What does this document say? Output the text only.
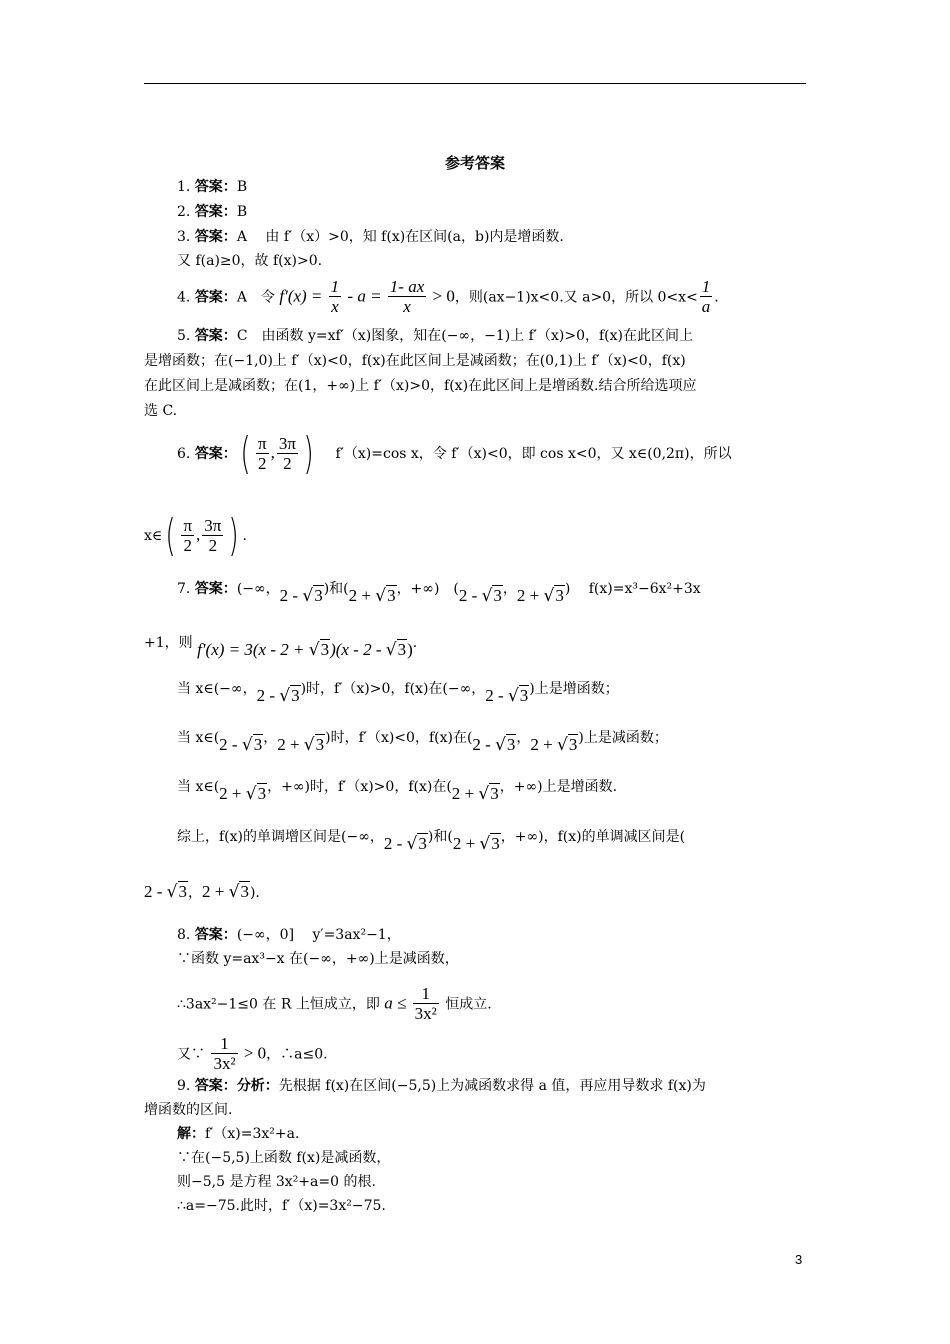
参考答案
1. 答案：B
2. 答案：B
3. 答案：A　 由 f′（x）>0，知 f(x)在区间(a，b)内是增函数.
又 f(a)≥0，故 f(x)>0.
4. 答案：A　令 $f'(x) = \frac{1}{x} - a = \frac{1- ax}{x} > 0$，则(ax−1)x<0.又 a>0，所以 $0<x< \frac{1}{a}$ .
5. 答案：C　由函数 y=xf′（x)图象，知在(−∞，−1)上 f′（x)>0，f(x)在此区间上
是增函数；在(−1,0)上 f′（x)<0，f(x)在此区间上是减函数；在(0,1)上 f′（x)<0，f(x)
在此区间上是减函数；在(1，+∞)上 f′（x)>0，f(x)在此区间上是增函数.结合所给选项应
选 C.
6. 答案：( $\frac{\pi}{2}$ , $\frac{3\pi}{2}$ )　 f′（x)=cos x，令 f′（x)<0，即 cos x<0，又 x∈(0,2π)，所以
x∈( $\frac{\pi}{2}$ , $\frac{3\pi}{2}$ ) .
7. 答案：(−∞，2 - √3)和(2 + √3，+∞)　(2 - √3，2 + √3)　 f(x)=x³−6x²+3x
+1，则 f′(x) = 3(x - 2 + √3)(x - 2 - √3).
当 x∈(−∞，2 - √3)时，f′（x)>0，f(x)在(−∞，2 - √3)上是增函数；
当 x∈(2 - √3，2 + √3)时，f′（x)<0，f(x)在(2 - √3，2 + √3)上是减函数；
当 x∈(2 + √3，+∞)时，f′（x)>0，f(x)在(2 + √3，+∞)上是增函数.
综上，f(x)的单调增区间是(−∞，2 - √3)和(2 + √3，+∞)，f(x)的单调减区间是(
2 - √3，2 + √3).
8. 答案：(−∞，0]　 y′=3ax²−1，
∵函数 y=ax³−x 在(−∞，+∞)上是减函数，
∴3ax²−1≤0 在 R 上恒成立，即 $a \le \frac{1}{\text{3x²}}$ 恒成立.
又∵ $\frac{1}{\text{3x²}} > 0$，∴a≤0.
9. 答案：分析：先根据 f(x)在区间(−5,5)上为减函数求得 a 值，再应用导数求 f(x)为
增函数的区间.
解：f′（x)=3x²+a.
∵在(−5,5)上函数 f(x)是减函数，
则−5,5 是方程 3x²+a=0 的根.
∴a=−75.此时，f′（x)=3x²−75.
3
